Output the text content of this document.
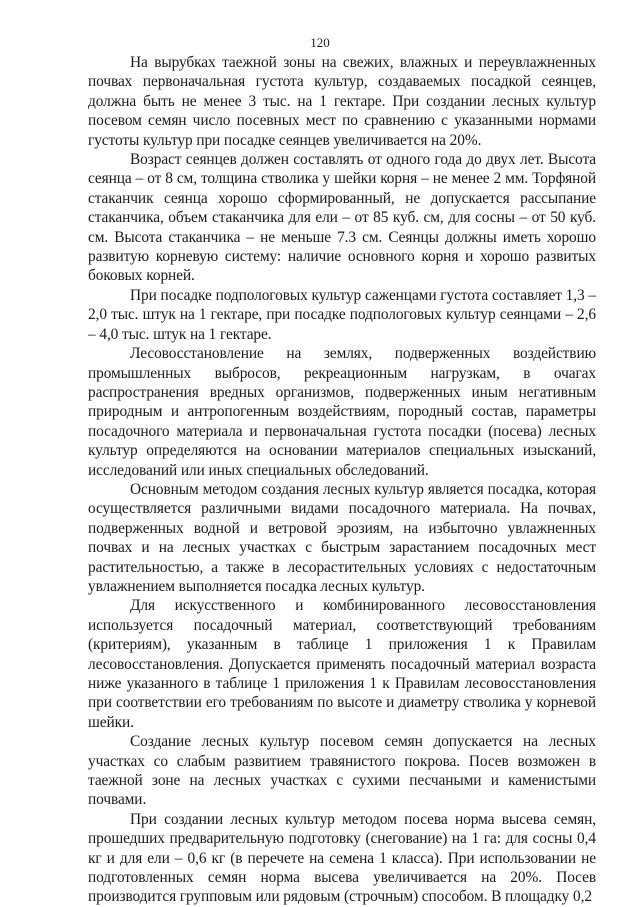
120

На вырубках таежной зоны на свежих, влажных и переувлажненных почвах первоначальная густота культур, создаваемых посадкой сеянцев, должна быть не менее 3 тыс. на 1 гектаре. При создании лесных культур посевом семян число посевных мест по сравнению с указанными нормами густоты культур при посадке сеянцев увеличивается на 20%.

Возраст сеянцев должен составлять от одного года до двух лет. Высота сеянца – от 8 см, толщина стволика у шейки корня – не менее 2 мм. Торфяной стаканчик сеянца хорошо сформированный, не допускается рассыпание стаканчика, объем стаканчика для ели – от 85 куб. см, для сосны – от 50 куб. см. Высота стаканчика – не меньше 7.3 см. Сеянцы должны иметь хорошо развитую корневую систему: наличие основного корня и хорошо развитых боковых корней.

При посадке подпологовых культур саженцами густота составляет 1,3 – 2,0 тыс. штук на 1 гектаре, при посадке подпологовых культур сеянцами – 2,6 – 4,0 тыс. штук на 1 гектаре.

Лесовосстановление на землях, подверженных воздействию промышленных выбросов, рекреационным нагрузкам, в очагах распространения вредных организмов, подверженных иным негативным природным и антропогенным воздействиям, породный состав, параметры посадочного материала и первоначальная густота посадки (посева) лесных культур определяются на основании материалов специальных изысканий, исследований или иных специальных обследований.

Основным методом создания лесных культур является посадка, которая осуществляется различными видами посадочного материала. На почвах, подверженных водной и ветровой эрозиям, на избыточно увлажненных почвах и на лесных участках с быстрым зарастанием посадочных мест растительностью, а также в лесорастительных условиях с недостаточным увлажнением выполняется посадка лесных культур.

Для искусственного и комбинированного лесовосстановления используется посадочный материал, соответствующий требованиям (критериям), указанным в таблице 1 приложения 1 к Правилам лесовосстановления. Допускается применять посадочный материал возраста ниже указанного в таблице 1 приложения 1 к Правилам лесовосстановления при соответствии его требованиям по высоте и диаметру стволика у корневой шейки.

Создание лесных культур посевом семян допускается на лесных участках со слабым развитием травянистого покрова. Посев возможен в таежной зоне на лесных участках с сухими песчаными и каменистыми почвами.

При создании лесных культур методом посева норма высева семян, прошедших предварительную подготовку (снегование) на 1 га: для сосны 0,4 кг и для ели – 0,6 кг (в перечете на семена 1 класса). При использовании не подготовленных семян норма высева увеличивается на 20%. Посев производится групповым или рядовым (строчным) способом. В площадку 0,2
